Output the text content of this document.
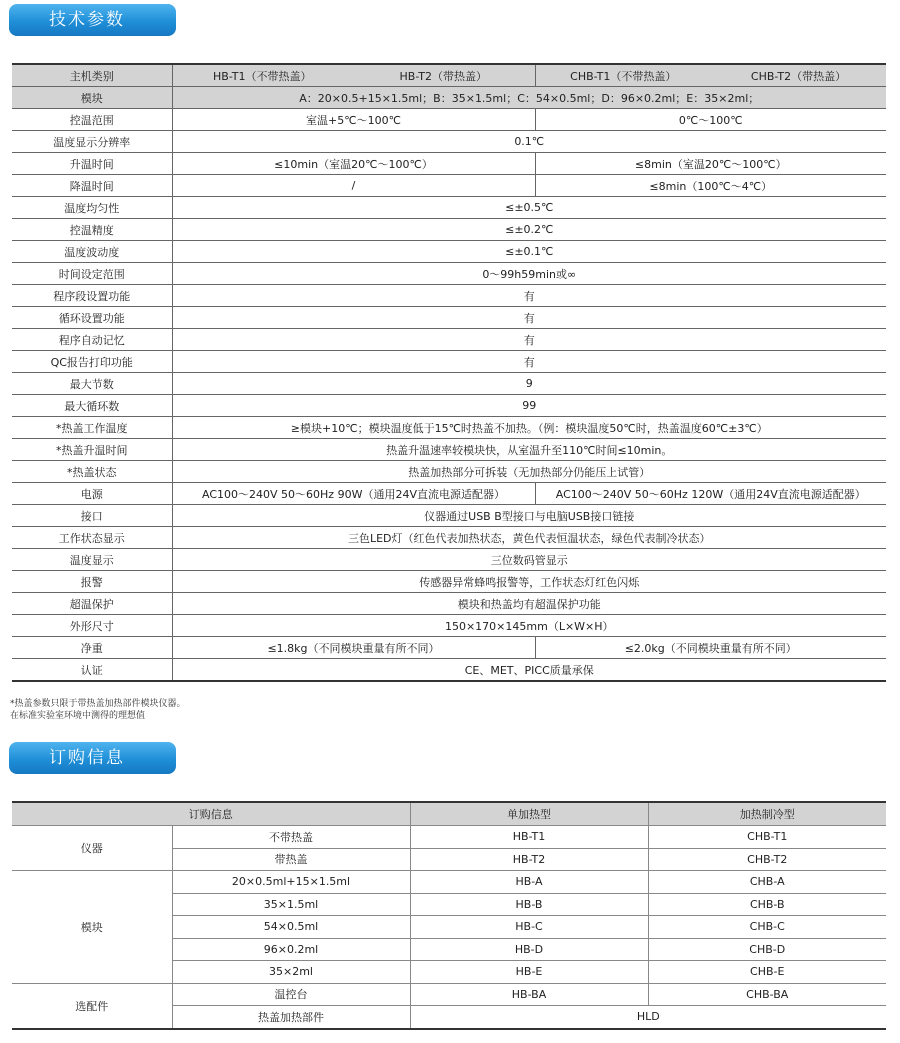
技术参数
主机类别	HB-T1（不带热盖）	HB-T2（带热盖）	CHB-T1（不带热盖）	CHB-T2（带热盖）
模块	A：20×0.5+15×1.5ml；B：35×1.5ml；C：54×0.5ml；D：96×0.2ml；E：35×2ml；			
控温范围	室温+5℃～100℃		0℃～100℃	
温度显示分辨率	0.1℃			
升温时间	≤10min（室温20℃～100℃）		≤8min（室温20℃～100℃）	
降温时间	/		≤8min（100℃～4℃）	
温度均匀性	≤±0.5℃			
控温精度	≤±0.2℃			
温度波动度	≤±0.1℃			
时间设定范围	0～99h59min或∞			
程序段设置功能	有			
循环设置功能	有			
程序自动记忆	有			
QC报告打印功能	有			
最大节数	9			
最大循环数	99			
*热盖工作温度	≥模块+10℃；模块温度低于15℃时热盖不加热。（例：模块温度50℃时，热盖温度60℃±3℃）			
*热盖升温时间	热盖升温速率较模块快，从室温升至110℃时间≤10min。			
*热盖状态	热盖加热部分可拆装（无加热部分仍能压上试管）			
电源	AC100～240V 50～60Hz 90W（通用24V直流电源适配器）		AC100～240V 50～60Hz 120W（通用24V直流电源适配器）	
接口	仪器通过USB B型接口与电脑USB接口链接			
工作状态显示	三色LED灯（红色代表加热状态，黄色代表恒温状态，绿色代表制冷状态）			
温度显示	三位数码管显示			
报警	传感器异常蜂鸣报警等，工作状态灯红色闪烁			
超温保护	模块和热盖均有超温保护功能			
外形尺寸	150×170×145mm（L×W×H）			
净重	≤1.8kg（不同模块重量有所不同）		≤2.0kg（不同模块重量有所不同）	
认证	CE、MET、PICC质量承保			
*热盖参数只限于带热盖加热部件模块仪器。
在标准实验室环境中测得的理想值
订购信息
订购信息		单加热型	加热制冷型
仪器	不带热盖	HB-T1	CHB-T1
	带热盖	HB-T2	CHB-T2
模块	20×0.5ml+15×1.5ml	HB-A	CHB-A
	35×1.5ml	HB-B	CHB-B
	54×0.5ml	HB-C	CHB-C
	96×0.2ml	HB-D	CHB-D
	35×2ml	HB-E	CHB-E
选配件	温控台	HB-BA	CHB-BA
	热盖加热部件	HLD	
